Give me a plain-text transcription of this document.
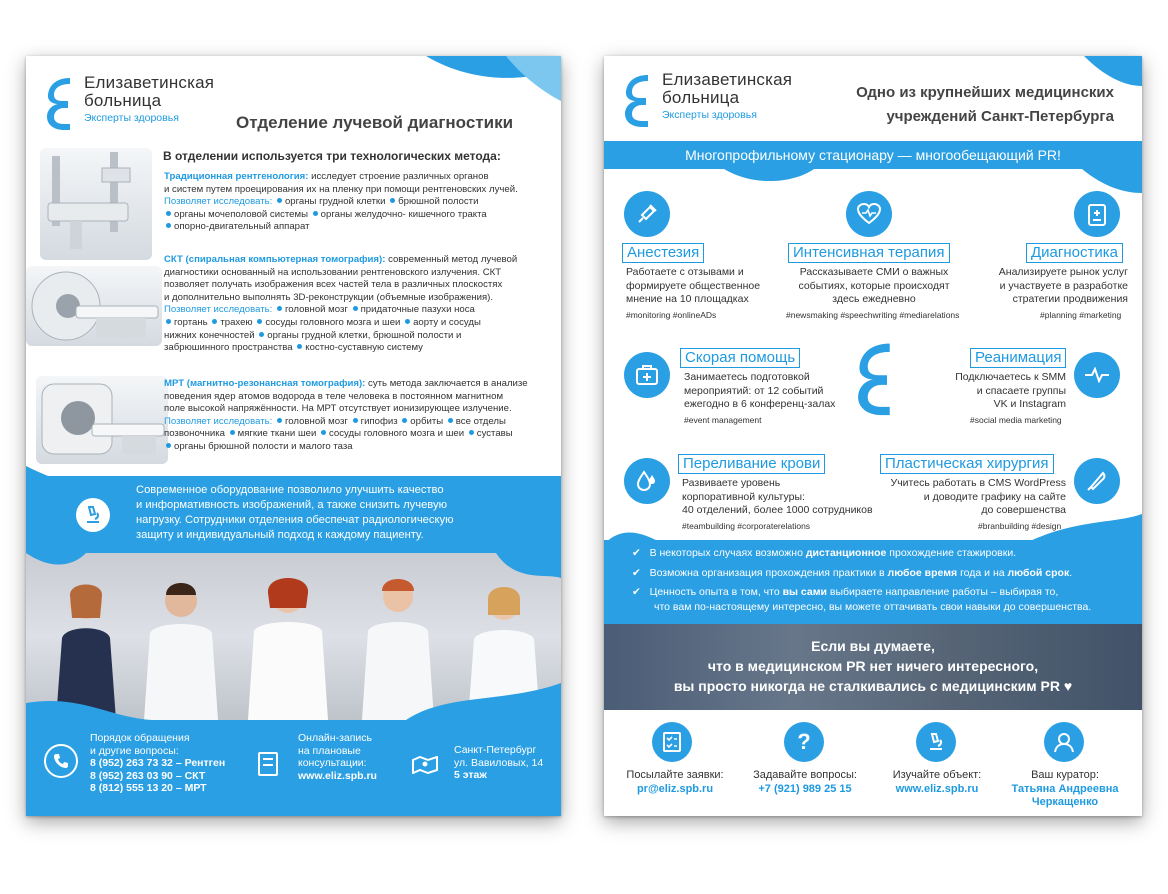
Елизаветинская
больница
Эксперты здоровья	Отделение лучевой диагностики
В отделении используется три технологических метода:
Традиционная рентгенология: исследует строение различных органов
и систем путем проецирования их на пленку при помощи рентгеновских лучей.
Позволяет исследовать: органы грудной клетки брюшной полости
органы мочеполовой системы органы желудочно- кишечного тракта
опорно-двигательный аппарат
СКТ (спиральная компьютерная томография): современный метод лучевой
диагностики основанный на использовании рентгеновского излучения. СКТ
позволяет получать изображения всех частей тела в различных плоскостях
и дополнительно выполнять 3D-реконструкции (объемные изображения).
Позволяет исследовать: головной мозг придаточные пазухи носа
гортань трахею сосуды головного мозга и шеи аорту и сосуды
нижних конечностей органы грудной клетки, брюшной полости и
забрюшинного пространства костно-суставную систему
МРТ (магнитно-резонансная томография): суть метода заключается в анализе
поведения ядер атомов водорода в теле человека в постоянном магнитном
поле высокой напряжённости. На МРТ отсутствует ионизирующее излучение.
Позволяет исследовать: головной мозг гипофиз орбиты все отделы
позвоночника мягкие ткани шеи сосуды головного мозга и шеи суставы
органы брюшной полости и малого таза
Современное оборудование позволило улучшить качество
и информативность изображений, а также снизить лучевую
нагрузку. Сотрудники отделения обеспечат радиологическую
защиту и индивидуальный подход к каждому пациенту.
Порядок обращения
и другие вопросы:
8 (952) 263 73 32 – Рентген
8 (952) 263 03 90 – СКТ
8 (812) 555 13 20 – МРТ
Онлайн-запись
на плановые
консультации:
www.eliz.spb.ru
Санкт-Петербург
ул. Вавиловых, 14
5 этаж
Елизаветинская
больница
Эксперты здоровья
Одно из крупнейших медицинских
учреждений Санкт-Петербурга
Многопрофильному стационару — многообещающий PR!
Анестезия	Интенсивная терапия	Диагностика
Работаете с отзывами и
формируете общественное
мнение на 10 площадках
#monitoring #onlineADs
Рассказываете СМИ о важных
событиях, которые происходят
здесь ежедневно
#newsmaking #speechwriting #mediarelations
Анализируете рынок услуг
и участвуете в разработке
стратегии продвижения
#planning #marketing
Скорая помощь
Занимаетесь подготовкой
мероприятий: от 12 событий
ежегодно в 6 конференц-залах
#event management
Реанимация
Подключаетесь к SMM
и спасаете группы
VK и Instagram
#social media marketing
Переливание крови
Развиваете уровень
корпоративной культуры:
40 отделений, более 1000 сотрудников
#teambuilding #corporaterelations
Пластическая хирургия
Учитесь работать в CMS WordPress
и доводите графику на сайте
до совершенства
#branbuilding #design
✔   В некоторых случаях возможно дистанционное прохождение стажировки.
✔   Возможна организация прохождения практики в любое время года и на любой срок.
✔   Ценность опыта в том, что вы сами выбираете направление работы – выбирая то,
что вам по-настоящему интересно, вы можете оттачивать свои навыки до совершенства.
Если вы думаете,
что в медицинском PR нет ничего интересного,
вы просто никогда не сталкивались с медицинским PR ♥
?
Посылайте заявки:
pr@eliz.spb.ru
Задавайте вопросы:
+7 (921) 989 25 15
Изучайте объект:
www.eliz.spb.ru
Ваш куратор:
Татьяна Андреевна
Черкащенко
